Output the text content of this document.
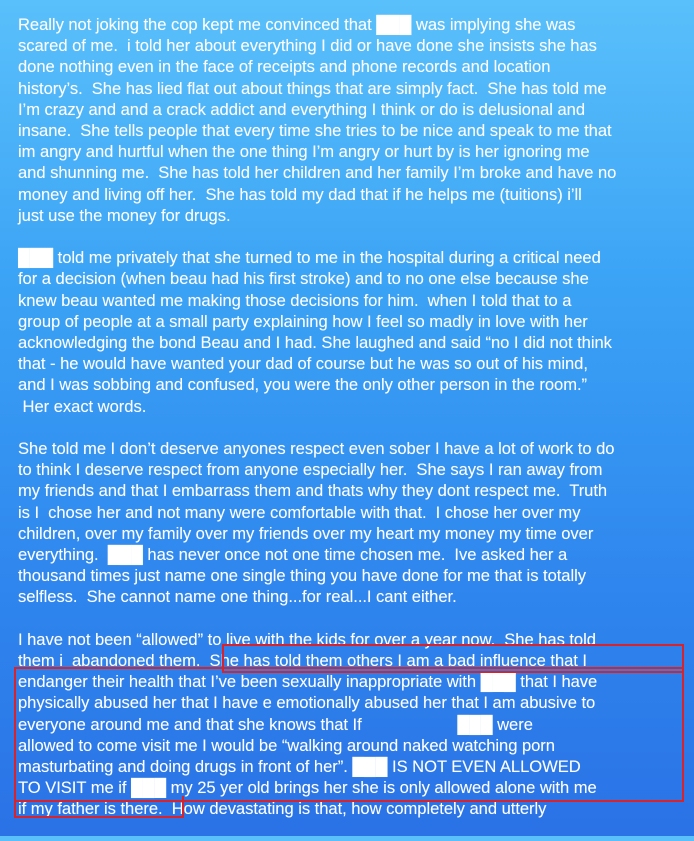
Really not joking the cop kept me convinced that ███ was implying she was
scared of me.  i told her about everything I did or have done she insists she has
done nothing even in the face of receipts and phone records and location
history’s.  She has lied flat out about things that are simply fact.  She has told me
I’m crazy and and a crack addict and everything I think or do is delusional and
insane.  She tells people that every time she tries to be nice and speak to me that
im angry and hurtful when the one thing I’m angry or hurt by is her ignoring me
and shunning me.  She has told her children and her family I’m broke and have no
money and living off her.  She has told my dad that if he helps me (tuitions) i’ll
just use the money for drugs.
███ told me privately that she turned to me in the hospital during a critical need
for a decision (when beau had his first stroke) and to no one else because she
knew beau wanted me making those decisions for him.  when I told that to a
group of people at a small party explaining how I feel so madly in love with her
acknowledging the bond Beau and I had. She laughed and said “no I did not think
that - he would have wanted your dad of course but he was so out of his mind,
and I was sobbing and confused, you were the only other person in the room.”
Her exact words.
She told me I don’t deserve anyones respect even sober I have a lot of work to do
to think I deserve respect from anyone especially her.  She says I ran away from
my friends and that I embarrass them and thats why they dont respect me.  Truth
is I  chose her and not many were comfortable with that.  I chose her over my
children, over my family over my friends over my heart my money my time over
everything.  ███ has never once not one time chosen me.  Ive asked her a
thousand times just name one single thing you have done for me that is totally
selfless.  She cannot name one thing...for real...I cant either.
I have not been “allowed” to live with the kids for over a year now.  She has told
them i  abandoned them.  She has told them others I am a bad influence that I
endanger their health that I’ve been sexually inappropriate with ███ that I have
physically abused her that I have e emotionally abused her that I am abusive to
everyone around me and that she knows that If                     ███ were
allowed to come visit me I would be “walking around naked watching porn
masturbating and doing drugs in front of her”. ███ IS NOT EVEN ALLOWED
TO VISIT me if ███ my 25 yer old brings her she is only allowed alone with me
if my father is there.  How devastating is that, how completely and utterly
